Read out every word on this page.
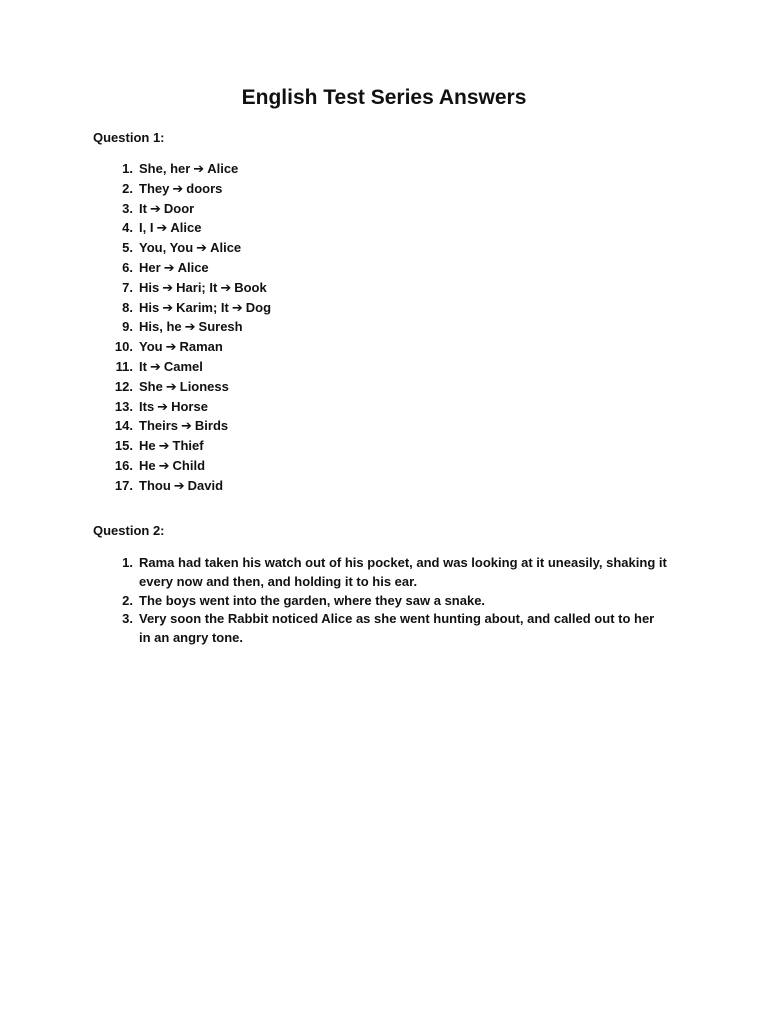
English Test Series Answers

Question 1:

1. She, her ➔ Alice
2. They ➔ doors
3. It ➔ Door
4. I, I ➔ Alice
5. You, You ➔ Alice
6. Her ➔ Alice
7. His ➔ Hari; It ➔ Book
8. His ➔ Karim; It ➔ Dog
9. His, he ➔ Suresh
10. You ➔ Raman
11. It ➔ Camel
12. She ➔ Lioness
13. Its ➔ Horse
14. Theirs ➔ Birds
15. He ➔ Thief
16. He ➔ Child
17. Thou ➔ David

Question 2:

1. Rama had taken his watch out of his pocket, and was looking at it uneasily, shaking it every now and then, and holding it to his ear.
2. The boys went into the garden, where they saw a snake.
3. Very soon the Rabbit noticed Alice as she went hunting about, and called out to her in an angry tone.
